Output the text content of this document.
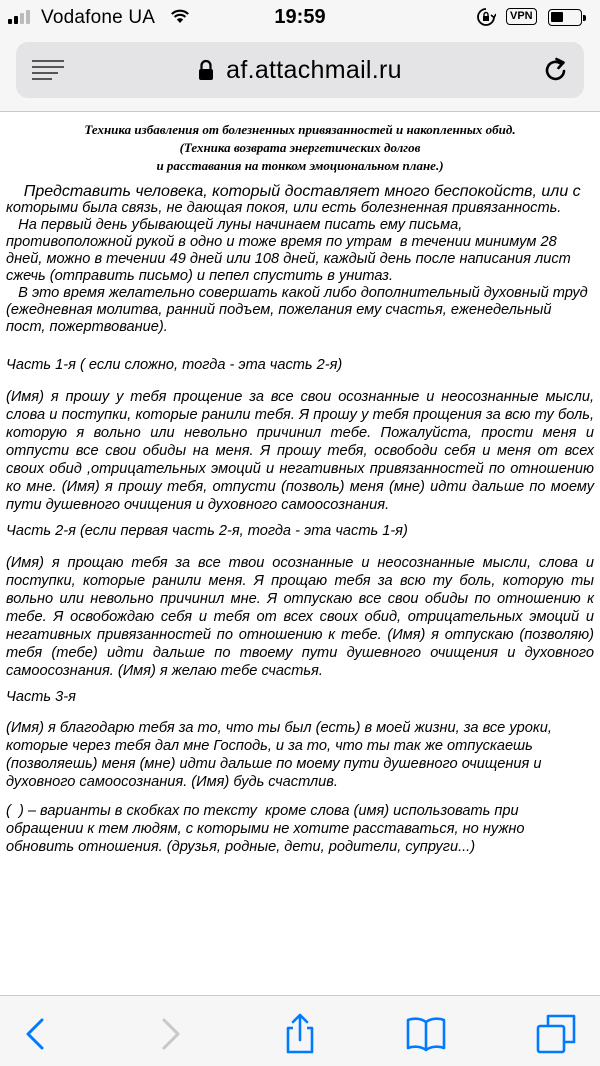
Vodafone UA	19:59	VPN
af.attachmail.ru
Техника избавления от болезненных привязанностей и накопленных обид.
(Техника возврата энергетических долгов
и расставания на тонком эмоциональном плане.)

Представить человека, который доставляет много беспокойств, или с

которыми была связь, не дающая покоя, или есть болезненная привязанность.

На первый день убывающей луны начинаем писать ему письма,

противоположной рукой в одно и тоже время по утрам  в течении минимум 28

дней, можно в течении 49 дней или 108 дней, каждый день после написания лист

сжечь (отправить письмо) и пепел спустить в унитаз.

В это время желательно совершать какой либо дополнительный духовный труд

(ежедневная молитва, ранний подъем, пожелания ему счастья, еженедельный

пост, пожертвование).

Часть 1-я ( если сложно, тогда - эта часть 2-я)
(Имя) я прошу у тебя прощение за все свои осознанные и неосознанные мысли, слова и поступки, которые ранили тебя. Я прошу у тебя прощения за всю ту боль, которую я вольно или невольно причинил тебе. Пожалуйста, прости меня и отпусти все свои обиды на меня. Я прошу тебя, освободи себя и меня от всех своих обид ,отрицательных эмоций и негативных привязанностей по отношению ко мне. (Имя) я прошу тебя, отпусти (позволь) меня (мне) идти дальше по моему пути душевного очищения и духовного самоосознания.
Часть 2-я (если первая часть 2-я, тогда - эта часть 1-я)
(Имя) я прощаю тебя за все твои осознанные и неосознанные мысли, слова и поступки, которые ранили меня. Я прощаю тебя за всю ту боль, которую ты вольно или невольно причинил мне. Я отпускаю все свои обиды по отношению к тебе. Я освобождаю себя и тебя от всех своих обид, отрицательных эмоций и негативных привязанностей по отношению к тебе. (Имя) я отпускаю (позволяю) тебя (тебе) идти дальше по твоему пути душевного очищения и духовного самоосознания. (Имя) я желаю тебе счастья.
Часть 3-я
(Имя) я благодарю тебя за то, что ты был (есть) в моей жизни, за все уроки,
которые через тебя дал мне Господь, и за то, что ты так же отпускаешь
(позволяешь) меня (мне) идти дальше по моему пути душевного очищения и
духовного самоосознания. (Имя) будь счастлив.
(  ) – варианты в скобках по тексту  кроме слова (имя) использовать при
обращении к тем людям, с которыми не хотите расставаться, но нужно
обновить отношения. (друзья, родные, дети, родители, супруги...)
